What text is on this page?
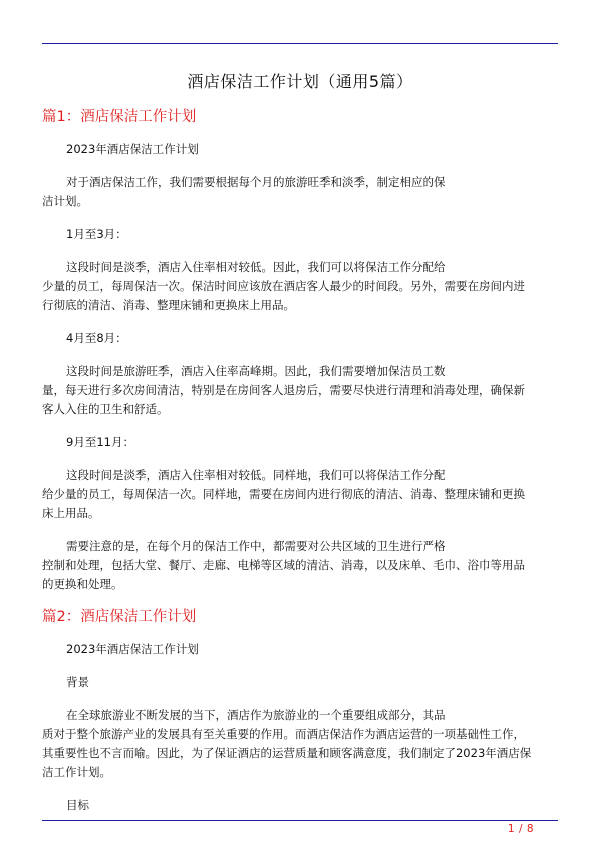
酒店保洁工作计划（通用5篇）
篇1：酒店保洁工作计划

2023年酒店保洁工作计划

对于酒店保洁工作，我们需要根据每个月的旅游旺季和淡季，制定相应的保
洁计划。

1月至3月：

这段时间是淡季，酒店入住率相对较低。因此，我们可以将保洁工作分配给
少量的员工，每周保洁一次。保洁时间应该放在酒店客人最少的时间段。另外，需要在房间内进
行彻底的清洁、消毒、整理床铺和更换床上用品。

4月至8月：

这段时间是旅游旺季，酒店入住率高峰期。因此，我们需要增加保洁员工数
量，每天进行多次房间清洁，特别是在房间客人退房后，需要尽快进行清理和消毒处理，确保新
客人入住的卫生和舒适。

9月至11月：

这段时间是淡季，酒店入住率相对较低。同样地，我们可以将保洁工作分配
给少量的员工，每周保洁一次。同样地，需要在房间内进行彻底的清洁、消毒、整理床铺和更换
床上用品。

需要注意的是，在每个月的保洁工作中，都需要对公共区域的卫生进行严格
控制和处理，包括大堂、餐厅、走廊、电梯等区域的清洁、消毒，以及床单、毛巾、浴巾等用品
的更换和处理。

篇2：酒店保洁工作计划

2023年酒店保洁工作计划

背景

在全球旅游业不断发展的当下，酒店作为旅游业的一个重要组成部分，其品
质对于整个旅游产业的发展具有至关重要的作用。而酒店保洁作为酒店运营的一项基础性工作，
其重要性也不言而喻。因此，为了保证酒店的运营质量和顾客满意度，我们制定了2023年酒店保
洁工作计划。

目标

1 / 8
